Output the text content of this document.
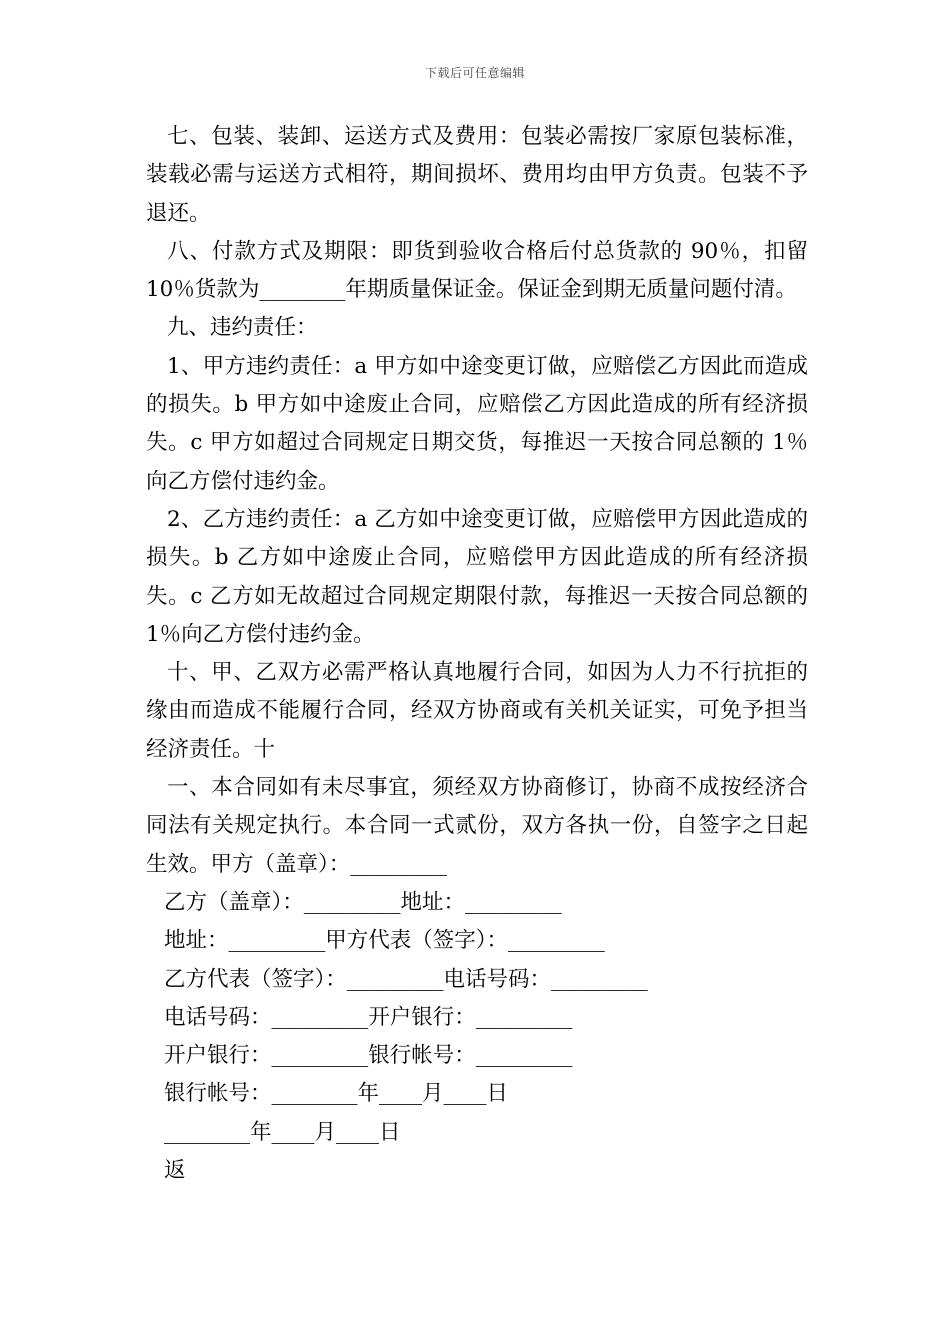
下载后可任意编辑

七、包装、装卸、运送方式及费用：包装必需按厂家原包装标准，装载必需与运送方式相符，期间损坏、费用均由甲方负责。包装不予退还。

八、付款方式及期限：即货到验收合格后付总货款的 90％，扣留 10％货款为________年期质量保证金。保证金到期无质量问题付清。

九、违约责任：

1、甲方违约责任：a 甲方如中途变更订做，应赔偿乙方因此而造成的损失。b 甲方如中途废止合同，应赔偿乙方因此造成的所有经济损失。c 甲方如超过合同规定日期交货，每推迟一天按合同总额的 1％向乙方偿付违约金。

2、乙方违约责任：a 乙方如中途变更订做，应赔偿甲方因此造成的损失。b 乙方如中途废止合同，应赔偿甲方因此造成的所有经济损失。c 乙方如无故超过合同规定期限付款，每推迟一天按合同总额的 1％向乙方偿付违约金。

十、甲、乙双方必需严格认真地履行合同，如因为人力不行抗拒的缘由而造成不能履行合同，经双方协商或有关机关证实，可免予担当经济责任。十

一、本合同如有未尽事宜，须经双方协商修订，协商不成按经济合同法有关规定执行。本合同一式贰份，双方各执一份，自签字之日起生效。甲方（盖章）：_________

乙方（盖章）：_________地址：_________

地址：_________甲方代表（签字）：_________

乙方代表（签字）：_________电话号码：_________

电话号码：_________开户银行：_________

开户银行：_________银行帐号：_________

银行帐号：________年____月____日

________年____月____日

返
